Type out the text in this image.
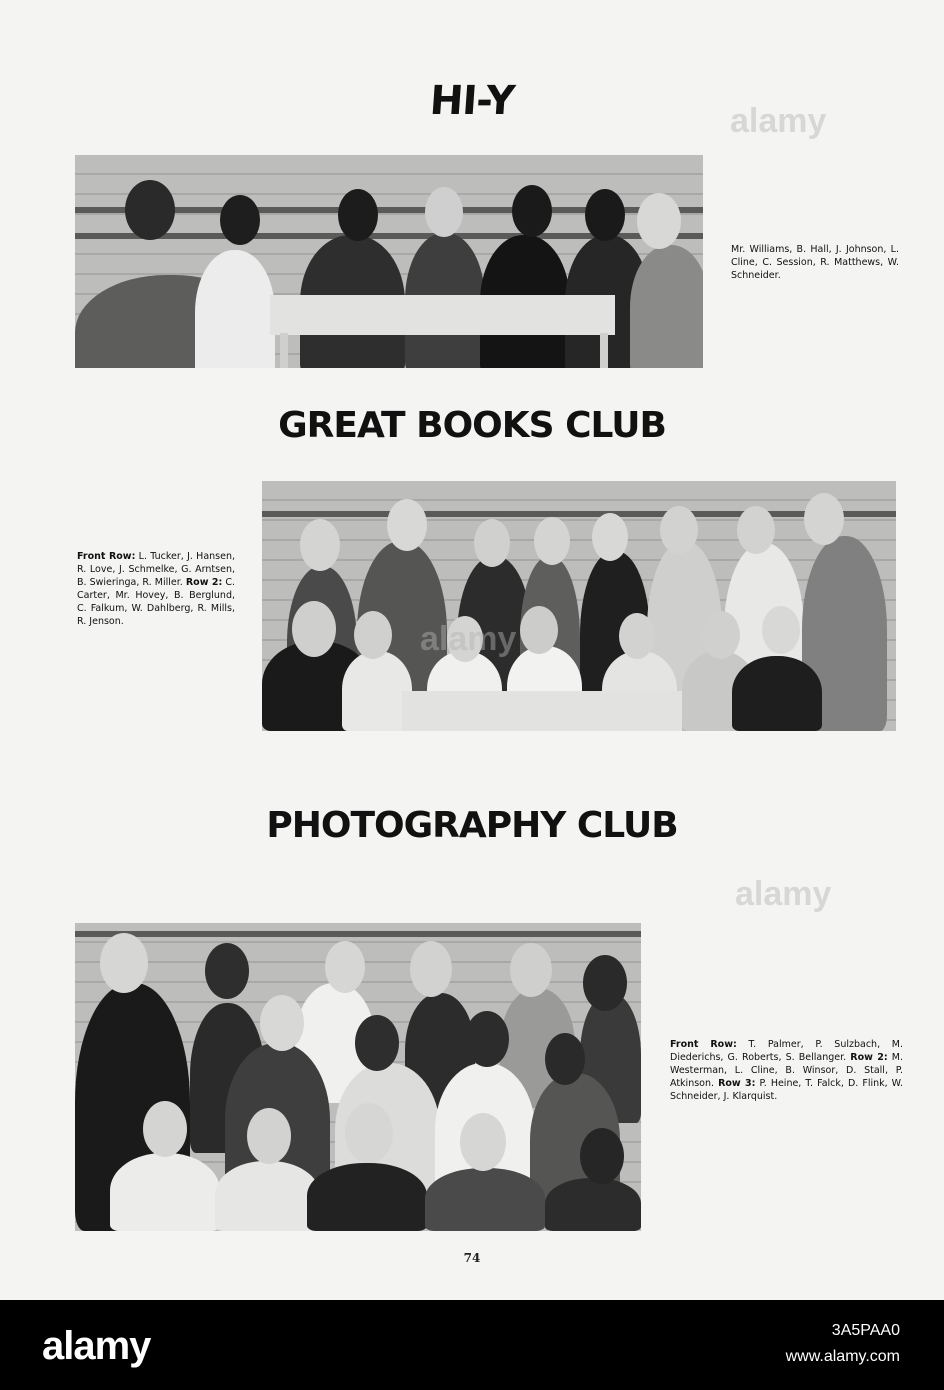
HI-Y
Mr. Williams, B. Hall, J. Johnson, L. Cline, C. Session, R. Matthews, W. Schneider.
GREAT BOOKS CLUB
Front Row: L. Tucker, J. Hansen, R. Love, J. Schmelke, G. Arntsen, B. Swieringa, R. Miller. Row 2: C. Carter, Mr. Hovey, B. Berglund, C. Falkum, W. Dahlberg, R. Mills, R. Jenson.
PHOTOGRAPHY CLUB
Front Row: T. Palmer, P. Sulzbach, M. Diederichs, G. Roberts, S. Bellanger. Row 2: M. Westerman, L. Cline, B. Winsor, D. Stall, P. Atkinson. Row 3: P. Heine, T. Falck, D. Flink, W. Schneider, J. Klarquist.
alamy
alamy
alamy
74
alamy	3A5PAA0
www.alamy.com
